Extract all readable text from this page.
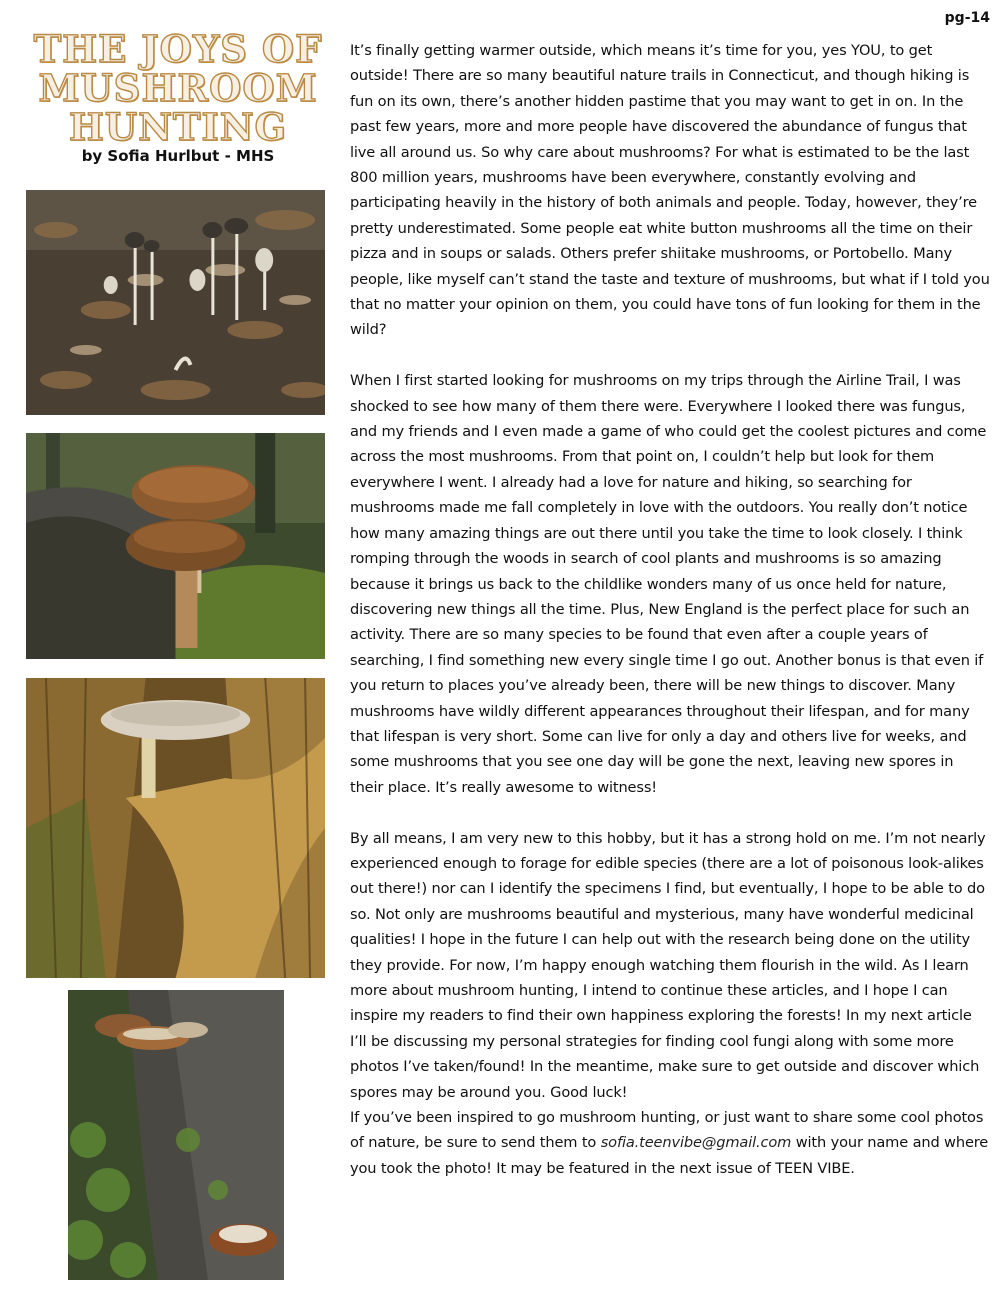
pg-14
THE JOYS OF
MUSHROOM
HUNTING
by Sofia Hurlbut - MHS

It’s finally getting warmer outside, which means it’s time for you, yes YOU, to get outside! There are so many beautiful nature trails in Connecticut, and though hiking is fun on its own, there’s another hidden pastime that you may want to get in on. In the past few years, more and more people have discovered the abundance of fungus that live all around us. So why care about mushrooms? For what is estimated to be the last 800 million years, mushrooms have been everywhere, constantly evolving and participating heavily in the history of both animals and people. Today, however, they’re pretty underestimated. Some people eat white button mushrooms all the time on their pizza and in soups or salads. Others prefer shiitake mushrooms, or Portobello. Many people, like myself can’t stand the taste and texture of mushrooms, but what if I told you that no matter your opinion on them, you could have tons of fun looking for them in the wild?

When I first started looking for mushrooms on my trips through the Airline Trail, I was shocked to see how many of them there were. Everywhere I looked there was fungus, and my friends and I even made a game of who could get the coolest pictures and come across the most mushrooms. From that point on, I couldn’t help but look for them everywhere I went. I already had a love for nature and hiking, so searching for mushrooms made me fall completely in love with the outdoors. You really don’t notice how many amazing things are out there until you take the time to look closely. I think romping through the woods in search of cool plants and mushrooms is so amazing because it brings us back to the childlike wonders many of us once held for nature, discovering new things all the time. Plus, New England is the perfect place for such an activity. There are so many species to be found that even after a couple years of searching, I find something new every single time I go out. Another bonus is that even if you return to places you’ve already been, there will be new things to discover. Many mushrooms have wildly different appearances throughout their lifespan, and for many that lifespan is very short. Some can live for only a day and others live for weeks, and some mushrooms that you see one day will be gone the next, leaving new spores in their place. It’s really awesome to witness!

By all means, I am very new to this hobby, but it has a strong hold on me. I’m not nearly experienced enough to forage for edible species (there are a lot of poisonous look-alikes out there!) nor can I identify the specimens I find, but eventually, I hope to be able to do so. Not only are mushrooms beautiful and mysterious, many have wonderful medicinal qualities! I hope in the future I can help out with the research being done on the utility they provide. For now, I’m happy enough watching them flourish in the wild. As I learn more about mushroom hunting, I intend to continue these articles, and I hope I can inspire my readers to find their own happiness exploring the forests! In my next article I’ll be discussing my personal strategies for finding cool fungi along with some more photos I’ve taken/found! In the meantime, make sure to get outside and discover which spores may be around you. Good luck!

If you’ve been inspired to go mushroom hunting, or just want to share some cool photos of nature, be sure to send them to sofia.teenvibe@gmail.com with your name and where you took the photo! It may be featured in the next issue of TEEN VIBE.
